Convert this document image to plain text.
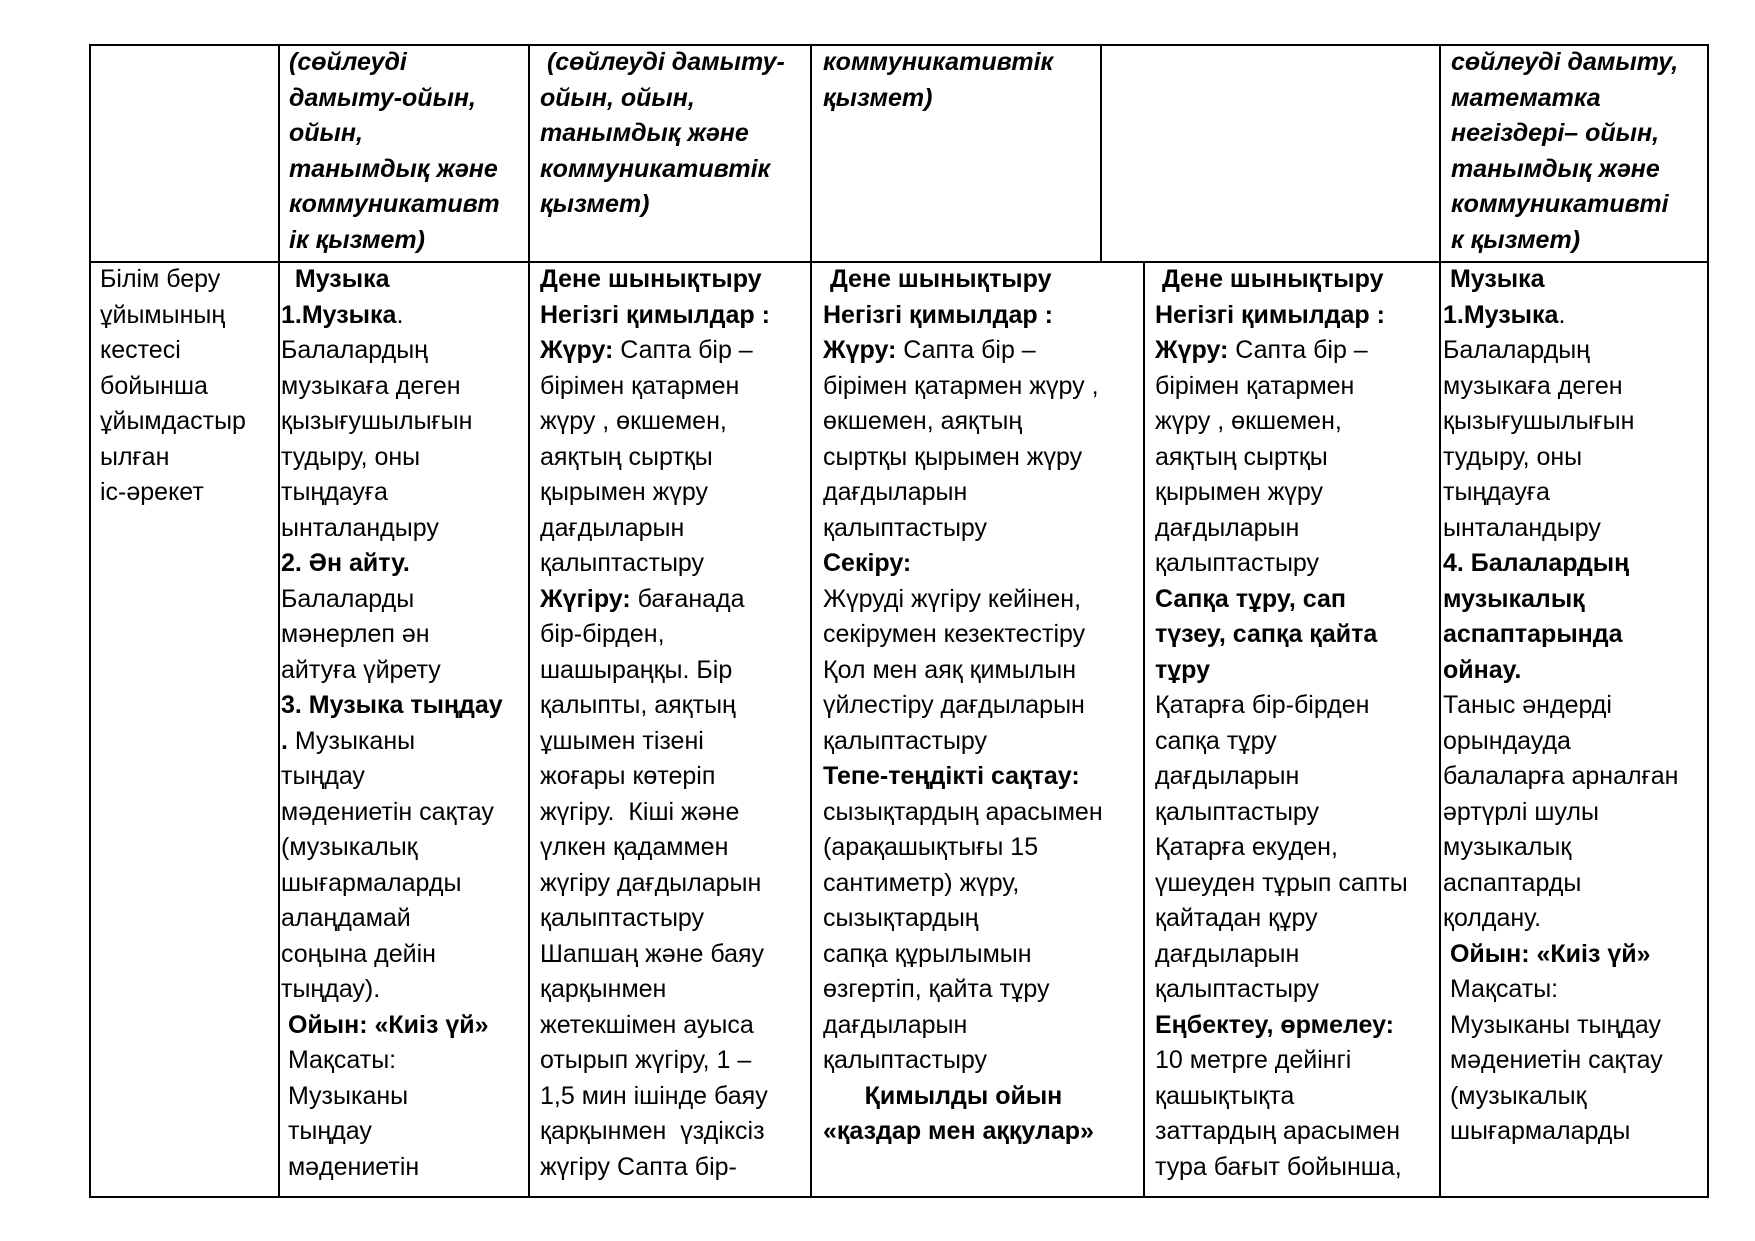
(сөйлеуді
дамыту-ойын,
ойын,
танымдық және
коммуникативт
ік қызмет)
(сөйлеуді дамыту-
ойын, ойын,
танымдық және
коммуникативтік
қызмет)
коммуникативтік
қызмет)
сөйлеуді дамыту,
математка
негіздері– ойын,
танымдық және
коммуникативті
к қызмет)
Білім беру
ұйымының
кестесі
бойынша
ұйымдастыр
ылған
іс-әрекет
Музыка
1.Музыка.
Балалардың
музыкаға деген
қызығушылығын
тудыру, оны
тыңдауға
ынталандыру
2. Ән айту.
Балаларды
мәнерлеп ән
айтуға үйрету
3. Музыка тыңдау
. Музыканы
тыңдау
мәдениетін сақтау
(музыкалық
шығармаларды
алаңдамай
соңына дейін
тыңдау).
Ойын: «Киіз үй»
Мақсаты:
Музыканы
тыңдау
мәдениетін
Дене шынықтыру
Негізгі қимылдар :
Жүру: Сапта бір –
бірімен қатармен
жүру , өкшемен,
аяқтың сыртқы
қырымен жүру
дағдыларын
қалыптастыру
Жүгіру: бағанада
бір-бірден,
шашыраңқы. Бір
қалыпты, аяқтың
ұшымен тізені
жоғары көтеріп
жүгіру.  Кіші және
үлкен қадаммен
жүгіру дағдыларын
қалыптастыру
Шапшаң және баяу
қарқынмен
жетекшімен ауыса
отырып жүгіру, 1 –
1,5 мин ішінде баяу
қарқынмен  үздіксіз
жүгіру Сапта бір-
Дене шынықтыру
Негізгі қимылдар :
Жүру: Сапта бір –
бірімен қатармен жүру ,
өкшемен, аяқтың
сыртқы қырымен жүру
дағдыларын
қалыптастыру
Секіру:
Жүруді жүгіру кейінен,
секірумен кезектестіру
Қол мен аяқ қимылын
үйлестіру дағдыларын
қалыптастыру
Тепе-теңдікті сақтау:
сызықтардың арасымен
(арақашықтығы 15
сантиметр) жүру,
сызықтардың
сапқа құрылымын
өзгертіп, қайта тұру
дағдыларын
қалыптастыру
Қимылды ойын
«қаздар мен аққулар»
Дене шынықтыру
Негізгі қимылдар :
Жүру: Сапта бір –
бірімен қатармен
жүру , өкшемен,
аяқтың сыртқы
қырымен жүру
дағдыларын
қалыптастыру
Сапқа тұру, сап
түзеу, сапқа қайта
тұру
Қатарға бір-бірден
сапқа тұру
дағдыларын
қалыптастыру
Қатарға екуден,
үшеуден тұрып сапты
қайтадан құру
дағдыларын
қалыптастыру
Еңбектеу, өрмелеу:
10 метрге дейінгі
қашықтықта
заттардың арасымен
тура бағыт бойынша,
Музыка
1.Музыка.
Балалардың
музыкаға деген
қызығушылығын
тудыру, оны
тыңдауға
ынталандыру
4. Балалардың
музыкалық
аспаптарында
ойнау.
Таныс әндерді
орындауда
балаларға арналған
әртүрлі шулы
музыкалық
аспаптарды
қолдану.
Ойын: «Киіз үй»
Мақсаты:
Музыканы тыңдау
мәдениетін сақтау
(музыкалық
шығармаларды
